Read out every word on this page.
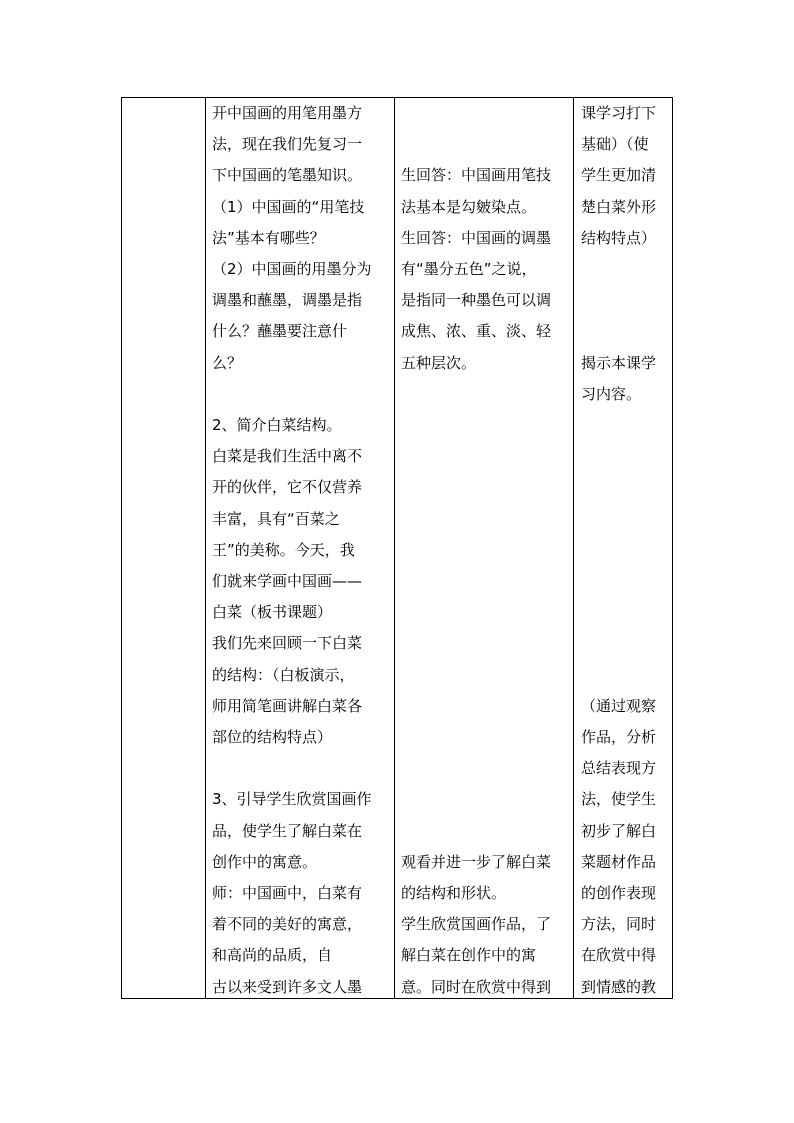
开中国画的用笔用墨方
法，现在我们先复习一
下中国画的笔墨知识。
（1）中国画的“用笔技
法”基本有哪些？
（2）中国画的用墨分为
调墨和蘸墨，调墨是指
什么？蘸墨要注意什
么？
2、简介白菜结构。
白菜是我们生活中离不
开的伙伴，它不仅营养
丰富，具有“百菜之
王”的美称。今天，我
们就来学画中国画——
白菜（板书课题）
我们先来回顾一下白菜
的结构：（白板演示，
师用简笔画讲解白菜各
部位的结构特点）
3、引导学生欣赏国画作
品，使学生了解白菜在
创作中的寓意。
师：中国画中，白菜有
着不同的美好的寓意，
和高尚的品质，自
古以来受到许多文人墨
生回答：中国画用笔技
法基本是勾皴染点。
生回答：中国画的调墨
有“墨分五色”之说，
是指同一种墨色可以调
成焦、浓、重、淡、轻
五种层次。
观看并进一步了解白菜
的结构和形状。
学生欣赏国画作品，了
解白菜在创作中的寓
意。同时在欣赏中得到
课学习打下
基础）（使
学生更加清
楚白菜外形
结构特点）
揭示本课学
习内容。
（通过观察
作品，分析
总结表现方
法，使学生
初步了解白
菜题材作品
的创作表现
方法，同时
在欣赏中得
到情感的教
